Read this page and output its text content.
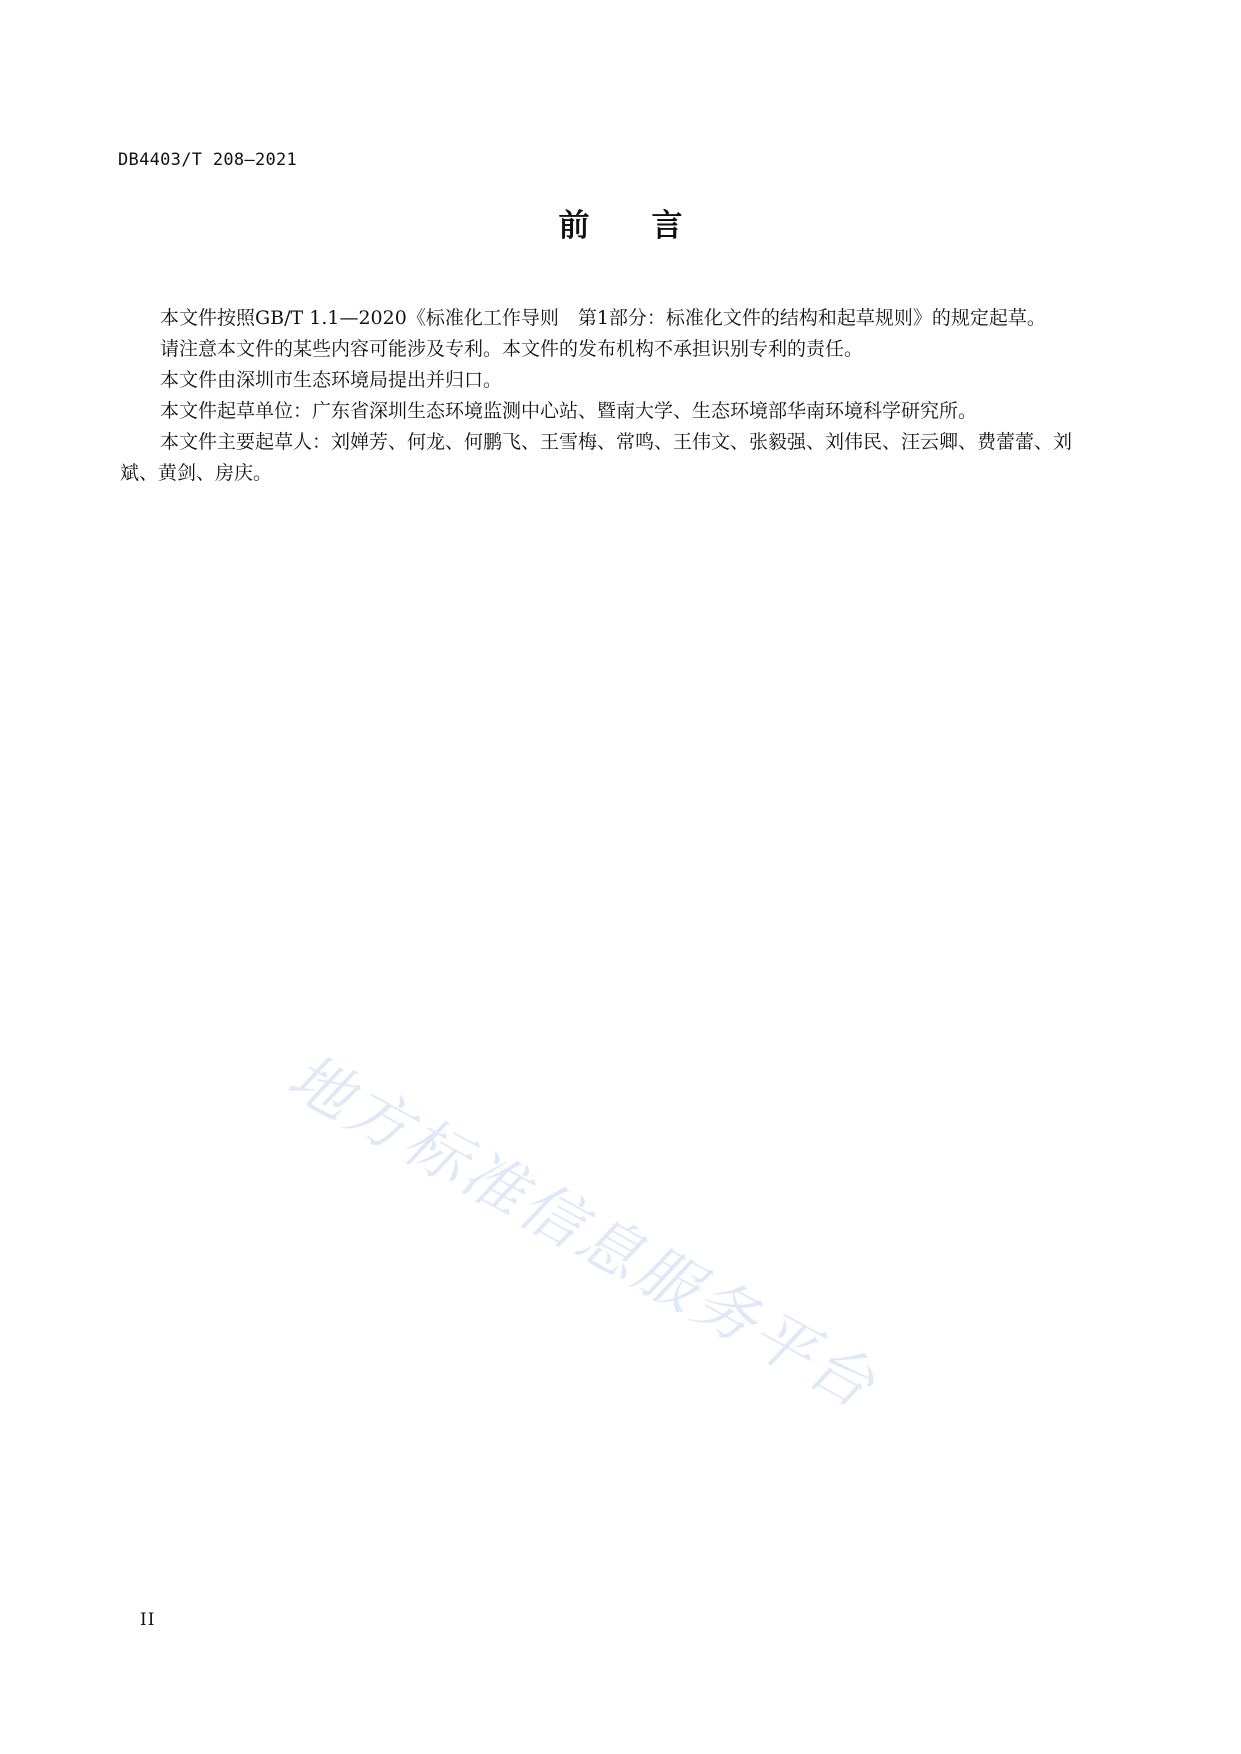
DB4403/T 208—2021
前言

本文件按照GB/T 1.1—2020《标准化工作导则　第1部分：标准化文件的结构和起草规则》的规定起草。

请注意本文件的某些内容可能涉及专利。本文件的发布机构不承担识别专利的责任。

本文件由深圳市生态环境局提出并归口。

本文件起草单位：广东省深圳生态环境监测中心站、暨南大学、生态环境部华南环境科学研究所。

本文件主要起草人：刘婵芳、何龙、何鹏飞、王雪梅、常鸣、王伟文、张毅强、刘伟民、汪云卿、费蕾蕾、刘斌、黄剑、房庆。

地方标准信息服务平台
II
